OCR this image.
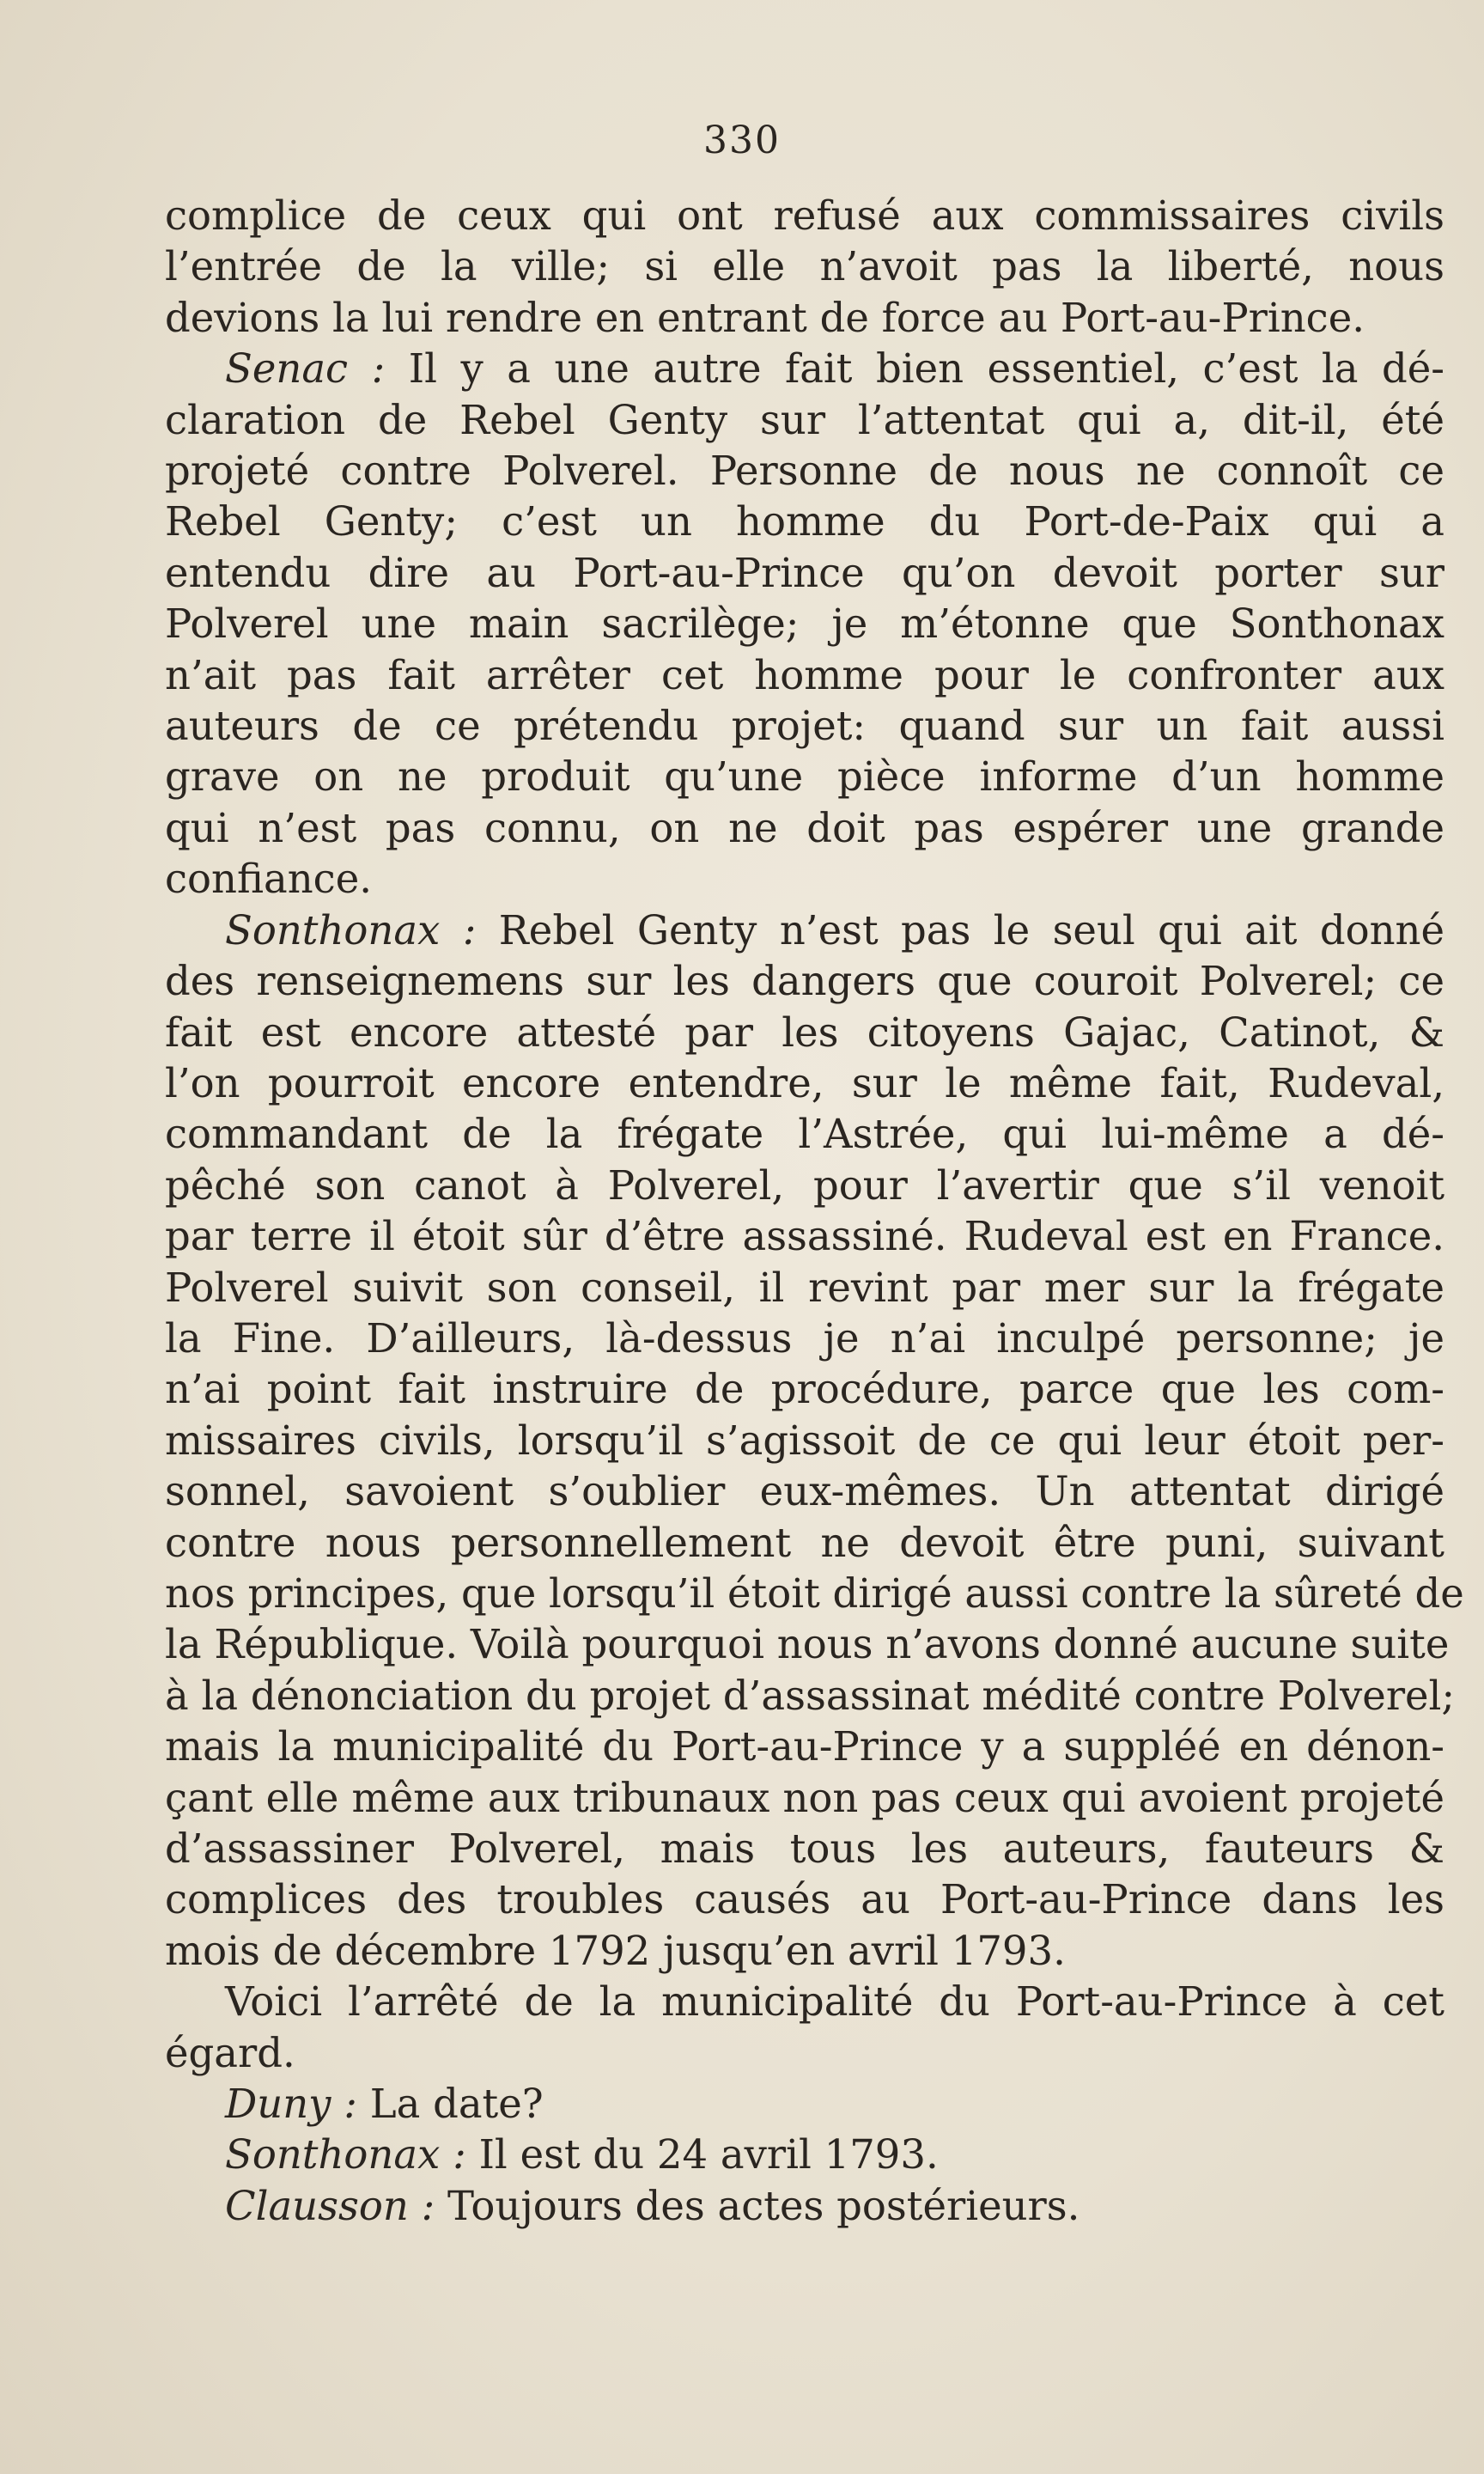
330
complice de ceux qui ont refusé aux commissaires civils
l’entrée de la ville; si elle n’avoit pas la liberté, nous
devions la lui rendre en entrant de force au Port-au-Prince.
Senac : Il y a une autre fait bien essentiel, c’est la dé-
claration de Rebel Genty sur l’attentat qui a, dit-il, été
projeté contre Polverel. Personne de nous ne connoît ce
Rebel Genty; c’est un homme du Port-de-Paix qui a
entendu dire au Port-au-Prince qu’on devoit porter sur
Polverel une main sacrilège; je m’étonne que Sonthonax
n’ait pas fait arrêter cet homme pour le confronter aux
auteurs de ce prétendu projet: quand sur un fait aussi
grave on ne produit qu’une pièce informe d’un homme
qui n’est pas connu, on ne doit pas espérer une grande
confiance.
Sonthonax : Rebel Genty n’est pas le seul qui ait donné
des renseignemens sur les dangers que couroit Polverel; ce
fait est encore attesté par les citoyens Gajac, Catinot, &
l’on pourroit encore entendre, sur le même fait, Rudeval,
commandant de la frégate l’Astrée, qui lui-même a dé-
pêché son canot à Polverel, pour l’avertir que s’il venoit
par terre il étoit sûr d’être assassiné. Rudeval est en France.
Polverel suivit son conseil, il revint par mer sur la frégate
la Fine. D’ailleurs, là-dessus je n’ai inculpé personne; je
n’ai point fait instruire de procédure, parce que les com-
missaires civils, lorsqu’il s’agissoit de ce qui leur étoit per-
sonnel, savoient s’oublier eux-mêmes. Un attentat dirigé
contre nous personnellement ne devoit être puni, suivant
nos principes, que lorsqu’il étoit dirigé aussi contre la sûreté de
la République. Voilà pourquoi nous n’avons donné aucune suite
à la dénonciation du projet d’assassinat médité contre Polverel;
mais la municipalité du Port-au-Prince y a suppléé en dénon-
çant elle même aux tribunaux non pas ceux qui avoient projeté
d’assassiner Polverel, mais tous les auteurs, fauteurs &
complices des troubles causés au Port-au-Prince dans les
mois de décembre 1792 jusqu’en avril 1793.
Voici l’arrêté de la municipalité du Port-au-Prince à cet
égard.
Duny : La date?
Sonthonax : Il est du 24 avril 1793.
Clausson : Toujours des actes postérieurs.
